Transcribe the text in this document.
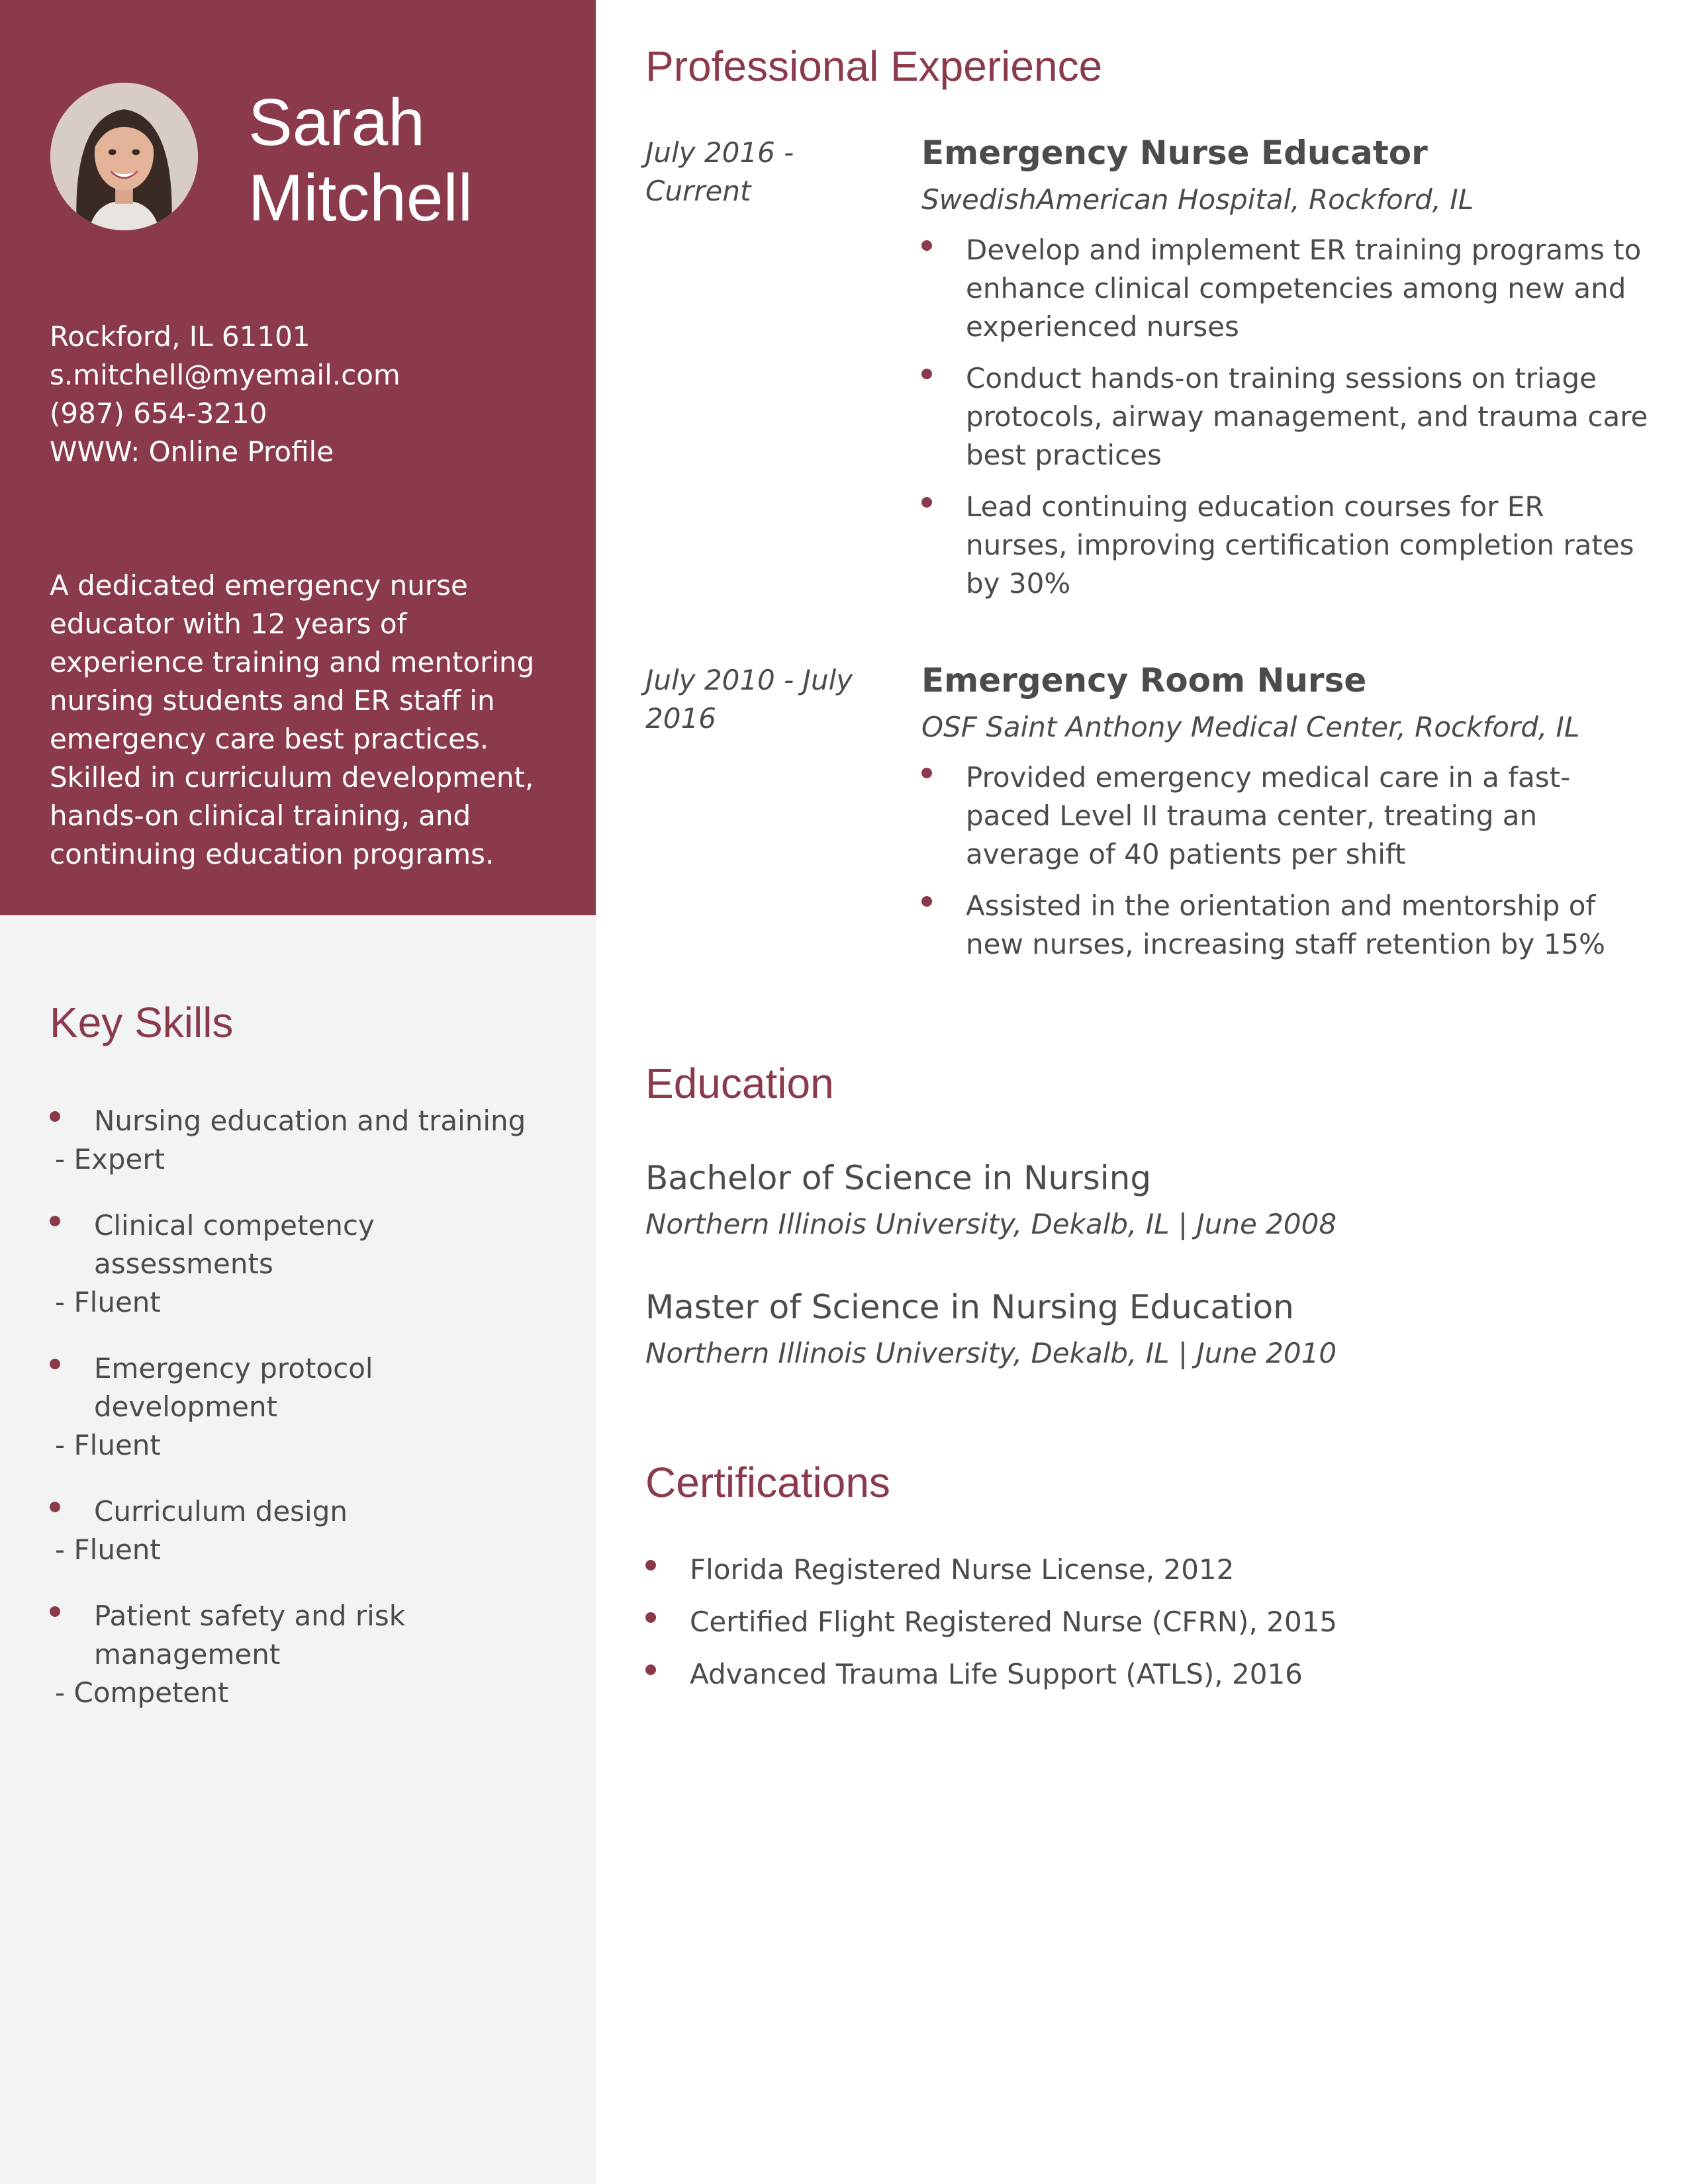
Sarah
Mitchell
Rockford, IL 61101
s.mitchell@myemail.com
(987) 654-3210
WWW: Online Profile

A dedicated emergency nurse educator with 12 years of experience training and mentoring nursing students and ER staff in emergency care best practices. Skilled in curriculum development, hands-on clinical training, and continuing education programs.

Key Skills
Nursing education and training
- Expert
Clinical competency assessments
- Fluent
Emergency protocol development
- Fluent
Curriculum design
- Fluent
Patient safety and risk management
- Competent
Professional Experience
July 2016 - Current
Emergency Nurse Educator
SwedishAmerican Hospital, Rockford, IL
Develop and implement ER training programs to enhance clinical competencies among new and experienced nurses
Conduct hands-on training sessions on triage protocols, airway management, and trauma care best practices
Lead continuing education courses for ER nurses, improving certification completion rates by 30%
July 2010 - July 2016
Emergency Room Nurse
OSF Saint Anthony Medical Center, Rockford, IL
Provided emergency medical care in a fast-paced Level II trauma center, treating an average of 40 patients per shift
Assisted in the orientation and mentorship of new nurses, increasing staff retention by 15%
Education
Bachelor of Science in Nursing
Northern Illinois University, Dekalb, IL | June 2008
Master of Science in Nursing Education
Northern Illinois University, Dekalb, IL | June 2010
Certifications
Florida Registered Nurse License, 2012
Certified Flight Registered Nurse (CFRN), 2015
Advanced Trauma Life Support (ATLS), 2016
